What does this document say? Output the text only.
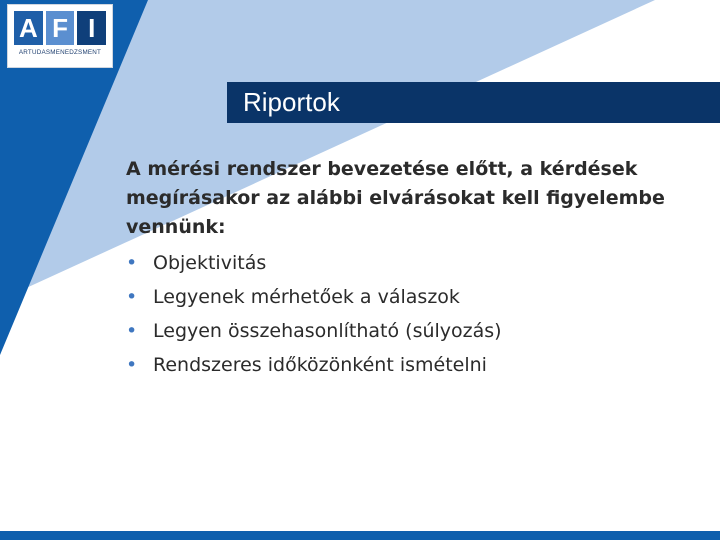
A F I
ARTUDASMENEDZSMENT
Riportok

A mérési rendszer bevezetése előtt, a kérdések megírásakor az alábbi elvárásokat kell figyelembe vennünk:

• Objektivitás
• Legyenek mérhetőek a válaszok
• Legyen összehasonlítható (súlyozás)
• Rendszeres időközönként ismételni
